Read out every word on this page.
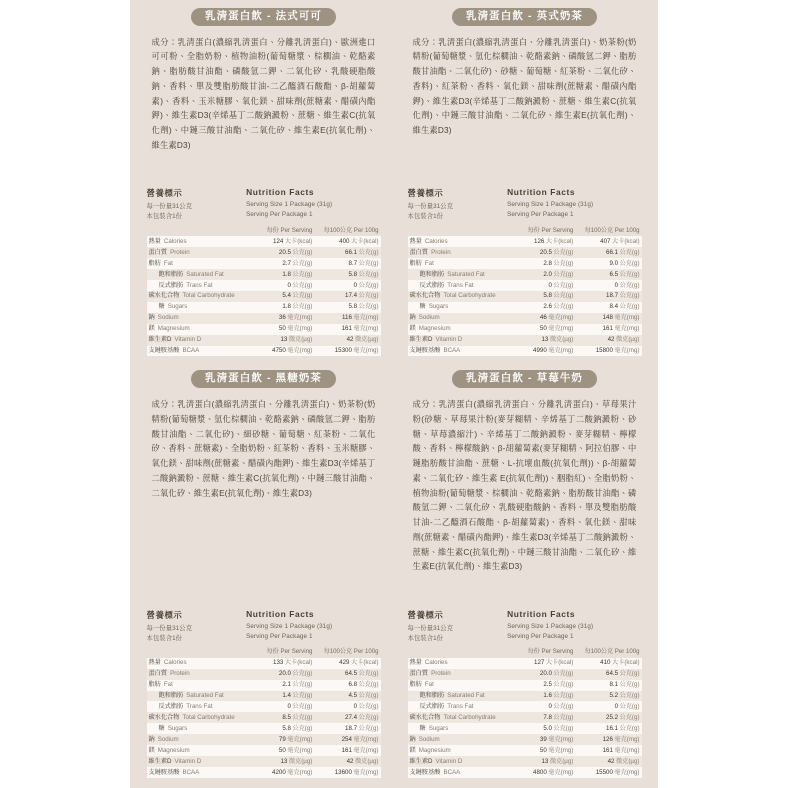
乳清蛋白飲 - 法式可可

成分：乳清蛋白(濃縮乳清蛋白、分離乳清蛋白)、歐洲進口可可粉、全脂奶粉、植物油粉(葡萄糖漿、棕櫚油、乾酪素鈉、脂肪酸甘油酯、磷酸氫二鉀、二氧化矽、乳酸硬脂酸鈉、香料、單及雙脂肪酸甘油-二乙醯酒石酸酯、β-胡蘿蔔素)、香料、玉米糖膠、氧化鎂、甜味劑(蔗糖素、醋磺內酯鉀)、維生素D3(辛烯基丁二酸鈉澱粉、蔗糖、維生素C(抗氧化劑)、中鏈三酸甘油酯、二氧化矽、維生素E(抗氧化劑)、維生素D3)

營養標示
每一份量31公克
本包裝含1份
Nutrition Facts
Serving Size 1 Package (31g)
Serving Per Package 1
	每份 Per Serving	每100公克 Per 100g
熱量 Calories	124 大卡(kcal)	400 大卡(kcal)
蛋白質 Protein	20.5 公克(g)	66.1 公克(g)
脂肪 Fat	2.7 公克(g)	8.7 公克(g)
飽和脂肪 Saturated Fat	1.8 公克(g)	5.8 公克(g)
反式脂肪 Trans Fat	0 公克(g)	0 公克(g)
碳水化合物 Total Carbohydrate	5.4 公克(g)	17.4 公克(g)
糖 Sugars	1.8 公克(g)	5.8 公克(g)
鈉 Sodium	36 毫克(mg)	116 毫克(mg)
鎂 Magnesium	50 毫克(mg)	161 毫克(mg)
維生素D Vitamin D	13 微克(µg)	42 微克(µg)
支鏈胺基酸 BCAA	4750 毫克(mg)	15300 毫克(mg)
乳清蛋白飲 - 英式奶茶

成分：乳清蛋白(濃縮乳清蛋白、分離乳清蛋白)、奶茶粉(奶精粉(葡萄糖漿、氫化棕櫚油、乾酪素鈉、磷酸氫二鉀、脂肪酸甘油酯、二氧化矽)、砂糖、葡萄糖、紅茶粉、二氧化矽、香料)、紅茶粉、香料、氧化鎂、甜味劑(蔗糖素、醋磺內酯鉀)、維生素D3(辛烯基丁二酸鈉澱粉、蔗糖、維生素C(抗氧化劑)、中鏈三酸甘油酯、二氧化矽、維生素E(抗氧化劑)、維生素D3)

營養標示
每一份量31公克
本包裝含1份
Nutrition Facts
Serving Size 1 Package (31g)
Serving Per Package 1
	每份 Per Serving	每100公克 Per 100g
熱量 Calories	126 大卡(kcal)	407 大卡(kcal)
蛋白質 Protein	20.5 公克(g)	66.1 公克(g)
脂肪 Fat	2.8 公克(g)	9.0 公克(g)
飽和脂肪 Saturated Fat	2.0 公克(g)	6.5 公克(g)
反式脂肪 Trans Fat	0 公克(g)	0 公克(g)
碳水化合物 Total Carbohydrate	5.8 公克(g)	18.7 公克(g)
糖 Sugars	2.6 公克(g)	8.4 公克(g)
鈉 Sodium	46 毫克(mg)	148 毫克(mg)
鎂 Magnesium	50 毫克(mg)	161 毫克(mg)
維生素D Vitamin D	13 微克(µg)	42 微克(µg)
支鏈胺基酸 BCAA	4990 毫克(mg)	15800 毫克(mg)
乳清蛋白飲 - 黑糖奶茶

成分：乳清蛋白(濃縮乳清蛋白、分離乳清蛋白)、奶茶粉(奶精粉(葡萄糖漿、氫化棕櫚油、乾酪素鈉、磷酸氫二鉀、脂肪酸甘油酯、二氧化矽)、細砂糖、葡萄糖、紅茶粉、二氧化矽、香料、蔗糖素)、全脂奶粉、紅茶粉、香料、玉米糖膠、氧化鎂、甜味劑(蔗糖素、醋磺內酯鉀)、維生素D3(辛烯基丁二酸鈉澱粉、蔗糖、維生素C(抗氧化劑)、中鏈三酸甘油酯、二氧化矽、維生素E(抗氧化劑)、維生素D3)

營養標示
每一份量31公克
本包裝含1份
Nutrition Facts
Serving Size 1 Package (31g)
Serving Per Package 1
	每份 Per Serving	每100公克 Per 100g
熱量 Calories	133 大卡(kcal)	429 大卡(kcal)
蛋白質 Protein	20.0 公克(g)	64.5 公克(g)
脂肪 Fat	2.1 公克(g)	6.8 公克(g)
飽和脂肪 Saturated Fat	1.4 公克(g)	4.5 公克(g)
反式脂肪 Trans Fat	0 公克(g)	0 公克(g)
碳水化合物 Total Carbohydrate	8.5 公克(g)	27.4 公克(g)
糖 Sugars	5.8 公克(g)	18.7 公克(g)
鈉 Sodium	79 毫克(mg)	254 毫克(mg)
鎂 Magnesium	50 毫克(mg)	161 毫克(mg)
維生素D Vitamin D	13 微克(µg)	42 微克(µg)
支鏈胺基酸 BCAA	4200 毫克(mg)	13600 毫克(mg)
乳清蛋白飲 - 草莓牛奶

成分：乳清蛋白(濃縮乳清蛋白、分離乳清蛋白)、草莓果汁粉(砂糖、草莓果汁粉(麥芽糊精、辛烯基丁二酸鈉澱粉、砂糖、草莓濃縮汁)、辛烯基丁二酸鈉澱粉、麥芽糊精、檸檬酸、香料、檸檬酸鈉、β-胡蘿蔔素(麥芽糊精、阿拉伯膠、中鏈脂肪酸甘油酯、蔗糖、L-抗壞血酸(抗氧化劑))、β-胡蘿蔔素、二氧化矽、維生素 E(抗氧化劑))、胭脂紅)、全脂奶粉、植物油粉(葡萄糖漿、棕櫚油、乾酪素鈉、脂肪酸甘油酯、磷酸氫二鉀、二氧化矽、乳酸硬脂酸鈉、香料、單及雙脂肪酸甘油-二乙醯酒石酸酯、β-胡蘿蔔素)、香料、氧化鎂、甜味劑(蔗糖素、醋磺內酯鉀)、維生素D3(辛烯基丁二酸鈉澱粉、蔗糖、維生素C(抗氧化劑)、中鏈三酸甘油酯、二氧化矽、維生素E(抗氧化劑)、維生素D3)

營養標示
每一份量31公克
本包裝含1份
Nutrition Facts
Serving Size 1 Package (31g)
Serving Per Package 1
	每份 Per Serving	每100公克 Per 100g
熱量 Calories	127 大卡(kcal)	410 大卡(kcal)
蛋白質 Protein	20.0 公克(g)	64.5 公克(g)
脂肪 Fat	2.5 公克(g)	8.1 公克(g)
飽和脂肪 Saturated Fat	1.6 公克(g)	5.2 公克(g)
反式脂肪 Trans Fat	0 公克(g)	0 公克(g)
碳水化合物 Total Carbohydrate	7.8 公克(g)	25.2 公克(g)
糖 Sugars	5.0 公克(g)	16.1 公克(g)
鈉 Sodium	39 毫克(mg)	126 毫克(mg)
鎂 Magnesium	50 毫克(mg)	161 毫克(mg)
維生素D Vitamin D	13 微克(µg)	42 微克(µg)
支鏈胺基酸 BCAA	4800 毫克(mg)	15500 毫克(mg)
